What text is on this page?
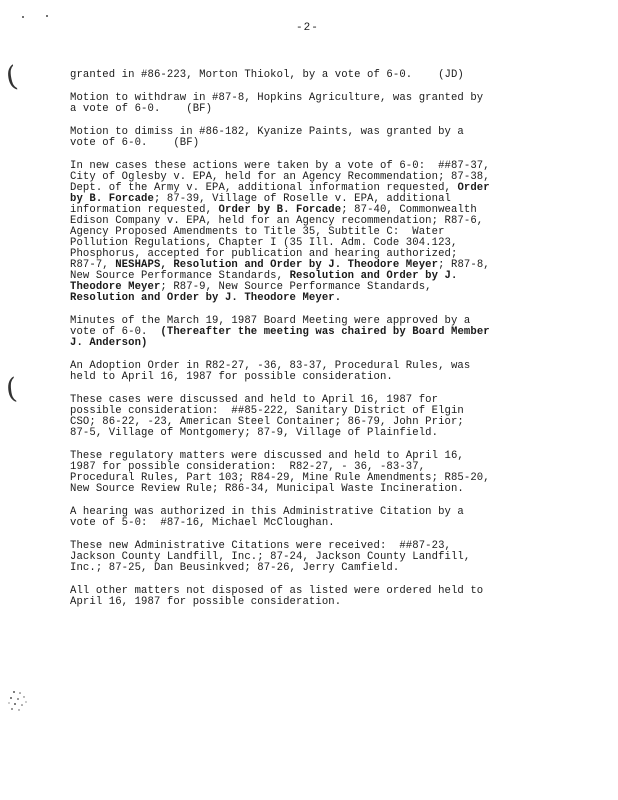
-2-
(
(
granted in #86-223, Morton Thiokol, by a vote of 6-0.    (JD)
Motion to withdraw in #87-8, Hopkins Agriculture, was granted by
a vote of 6-0.    (BF)
Motion to dimiss in #86-182, Kyanize Paints, was granted by a
vote of 6-0.    (BF)
In new cases these actions were taken by a vote of 6-0:  ##87-37,
City of Oglesby v. EPA, held for an Agency Recommendation; 87-38,
Dept. of the Army v. EPA, additional information requested, Order
by B. Forcade; 87-39, Village of Roselle v. EPA, additional
information requested, Order by B. Forcade; 87-40, Commonwealth
Edison Company v. EPA, held for an Agency recommendation; R87-6,
Agency Proposed Amendments to Title 35, Subtitle C:  Water
Pollution Regulations, Chapter I (35 Ill. Adm. Code 304.123,
Phosphorus, accepted for publication and hearing authorized;
R87-7, NESHAPS, Resolution and Order by J. Theodore Meyer; R87-8,
New Source Performance Standards, Resolution and Order by J.
Theodore Meyer; R87-9, New Source Performance Standards,
Resolution and Order by J. Theodore Meyer.
Minutes of the March 19, 1987 Board Meeting were approved by a
vote of 6-0.  (Thereafter the meeting was chaired by Board Member
J. Anderson)
An Adoption Order in R82-27, -36, 83-37, Procedural Rules, was
held to April 16, 1987 for possible consideration.
These cases were discussed and held to April 16, 1987 for
possible consideration:  ##85-222, Sanitary District of Elgin
CSO; 86-22, -23, American Steel Container; 86-79, John Prior;
87-5, Village of Montgomery; 87-9, Village of Plainfield.
These regulatory matters were discussed and held to April 16,
1987 for possible consideration:  R82-27, - 36, -83-37,
Procedural Rules, Part 103; R84-29, Mine Rule Amendments; R85-20,
New Source Review Rule; R86-34, Municipal Waste Incineration.
A hearing was authorized in this Administrative Citation by a
vote of 5-0:  #87-16, Michael McCloughan.
These new Administrative Citations were received:  ##87-23,
Jackson County Landfill, Inc.; 87-24, Jackson County Landfill,
Inc.; 87-25, Dan Beusinkved; 87-26, Jerry Camfield.
All other matters not disposed of as listed were ordered held to
April 16, 1987 for possible consideration.
